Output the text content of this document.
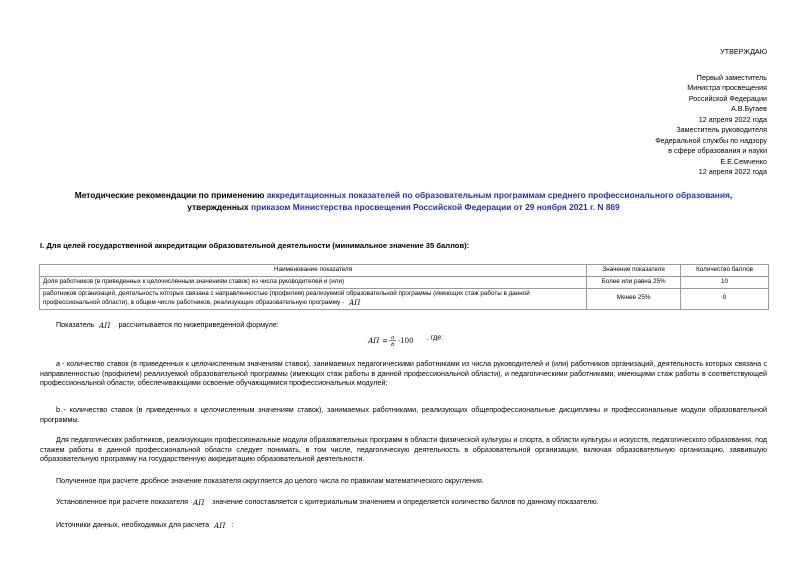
УТВЕРЖДАЮ
Первый заместитель
Министра просвещения
Российской Федерации
А.В.Бугаев
12 апреля 2022 года
Заместитель руководителя
Федеральной службы по надзору
в сфере образования и науки
Е.Е.Семченко
12 апреля 2022 года
Методические рекомендации по применению аккредитационных показателей по образовательным программам среднего профессионального образования,
утвержденных приказом Министерства просвещения Российской Федерации от 29 ноября 2021 г. N 869
I. Для целей государственной аккредитации образовательной деятельности (минимальное значение 35 баллов):
Наименование показателя	Значение показателя	Количество баллов
Доля работников (в приведенных к целочисленным значениям ставок) из числа руководителей и (или)	Более или равна 25%	10
работников организаций, деятельность которых связана с направленностью (профилем) реализуемой образовательной программы (имеющих стаж работы в данной профессиональной области), в общем числе работников, реализующих образовательную программу - АП	Менее 25%	0
Показатель АП рассчитывается по нижеприведенной формуле:
АП = a
b ·100 , где:
a - количество ставок (в приведенных к целочисленным значениям ставок), занимаемых педагогическими работниками из числа руководителей и (или) работников организаций, деятельность которых связана с направленностью (профилем) реализуемой образовательной программы (имеющих стаж работы в данной профессиональной области), и педагогическими работниками, имеющими стаж работы в соответствующей профессиональной области, обеспечивающими освоение обучающимися профессиональных модулей;
b - количество ставок (в приведенных к целочисленным значениям ставок), занимаемых работниками, реализующих общепрофессиональные дисциплины и профессиональные модули образовательной программы.
Для педагогических работников, реализующих профессиональные модули образовательных программ в области физической культуры и спорта, в области культуры и искусств, педагогического образования, под стажем работы в данной профессиональной области следует понимать, в том числе, педагогическую деятельность в образовательной организации, включая образовательную организацию, заявившую образовательную программу на государственную аккредитацию образовательной деятельности.
Полученное при расчете дробное значение показателя округляется до целого числа по правилам математического округления.
Установленное при расчете показателя АП значение сопоставляется с критериальным значением и определяется количество баллов по данному показателю.
Источники данных, необходимых для расчета АП :
